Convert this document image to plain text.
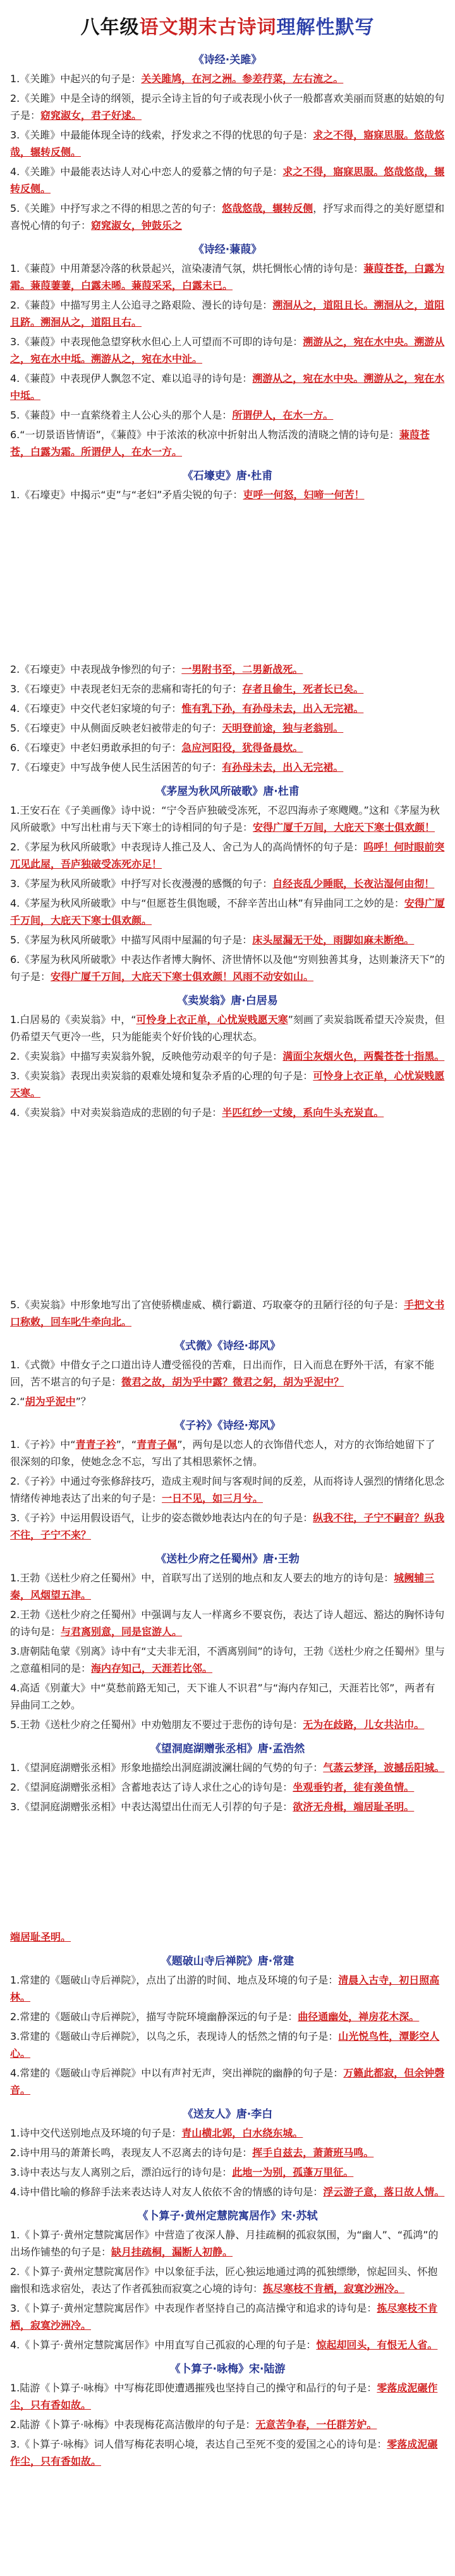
八年级语文期末古诗词理解性默写
《诗经·关雎》
1.《关雎》中起兴的句子是：关关雎鸠，在河之洲。参差荇菜，左右流之。
2.《关雎》中是全诗的纲领，提示全诗主旨的句子或表现小伙子一般都喜欢美丽而贤惠的姑娘的句子是：窈窕淑女，君子好逑。
3.《关雎》中最能体现全诗的线索，抒发求之不得的忧思的句子是：求之不得，寤寐思服。悠哉悠哉，辗转反侧。
4.《关雎》中最能表达诗人对心中恋人的爱慕之情的句子是：求之不得，寤寐思服。悠哉悠哉，辗转反侧。
5.《关雎》中抒写求之不得的相思之苦的句子：悠哉悠哉，辗转反侧，抒写求而得之的美好愿望和喜悦心情的句子：窈窕淑女，钟鼓乐之
《诗经·蒹葭》
1.《蒹葭》中用萧瑟冷落的秋景起兴，渲染凄清气氛，烘托惆怅心情的诗句是：蒹葭苍苍，白露为霜。蒹葭萋萋，白露未晞。蒹葭采采，白露未已。
2.《蒹葭》中描写男主人公追寻之路艰险、漫长的诗句是：溯洄从之，道阻且长。溯洄从之，道阻且跻。溯洄从之，道阻且右。
3.《蒹葭》中表现他急望穿秋水但心上人可望而不可即的诗句是：溯游从之，宛在水中央。溯游从之，宛在水中坻。溯游从之，宛在水中沚。
4.《蒹葭》中表现伊人飘忽不定、难以追寻的诗句是：溯游从之，宛在水中央。溯游从之，宛在水中坻。
5.《蒹葭》中一直萦绕着主人公心头的那个人是：所谓伊人，在水一方。
6.“一切景语皆情语”，《蒹葭》中于浓浓的秋凉中折射出人物活泼的清晓之情的诗句是：蒹葭苍苍，白露为霜。所谓伊人，在水一方。
《石壕吏》唐·杜甫
1.《石壕吏》中揭示“吏”与“老妇”矛盾尖锐的句子：吏呼一何怒，妇啼一何苦！
2.《石壕吏》中表现战争惨烈的句子：一男附书至，二男新战死。
3.《石壕吏》中表现老妇无奈的悲痛和寄托的句子：存者且偷生，死者长已矣。
4.《石壕吏》中交代老妇家境的句子：惟有乳下孙，有孙母未去，出入无完裙。
5.《石壕吏》中从侧面反映老妇被带走的句子：天明登前途，独与老翁别。
6.《石壕吏》中老妇勇敢承担的句子：急应河阳役，犹得备晨炊。
7.《石壕吏》中写战争使人民生活困苦的句子：有孙母未去，出入无完裙。
《茅屋为秋风所破歌》唐·杜甫
1.王安石在《子美画像》诗中说：“宁令吾庐独破受冻死，不忍四海赤子寒飕飕。”这和《茅屋为秋风所破歌》中写出杜甫与天下寒士的诗相同的句子是：安得广厦千万间，大庇天下寒士俱欢颜！
2.《茅屋为秋风所破歌》中表现诗人推己及人、舍己为人的高尚情怀的句子是：呜呼！何时眼前突兀见此屋，吾庐独破受冻死亦足！
3.《茅屋为秋风所破歌》中抒写对长夜漫漫的感慨的句子：自经丧乱少睡眠，长夜沾湿何由彻！
4.《茅屋为秋风所破歌》中与“但愿苍生俱饱暖，不辞辛苦出山林”有异曲同工之妙的是：安得广厦千万间，大庇天下寒士俱欢颜。
5.《茅屋为秋风所破歌》中描写风雨中屋漏的句子是：床头屋漏无干处，雨脚如麻未断绝。
6.《茅屋为秋风所破歌》中表达作者博大胸怀、济世情怀以及他“穷则独善其身，达则兼济天下”的句子是：安得广厦千万间，大庇天下寒士俱欢颜！风雨不动安如山。
《卖炭翁》唐·白居易
1.白居易的《卖炭翁》中，“可怜身上衣正单，心忧炭贱愿天寒”刻画了卖炭翁既希望天冷炭贵，但仍希望天气更冷一些，只为能能卖个好价钱的心理状态。
2.《卖炭翁》中描写卖炭翁外貌，反映他劳动艰辛的句子是：满面尘灰烟火色，两鬓苍苍十指黑。
3.《卖炭翁》表现出卖炭翁的艰难处境和复杂矛盾的心理的句子是：可怜身上衣正单，心忧炭贱愿天寒。
4.《卖炭翁》中对卖炭翁造成的悲剧的句子是：半匹红纱一丈绫，系向牛头充炭直。
5.《卖炭翁》中形象地写出了宫使骄横虚威、横行霸道、巧取豪夺的丑陋行径的句子是：手把文书口称敕，回车叱牛牵向北。
《式微》《诗经·邶风》
1.《式微》中借女子之口道出诗人遭受徭役的苦难，日出而作，日入而息在野外干活，有家不能回，苦不堪言的句子是：微君之故，胡为乎中露？微君之躬，胡为乎泥中？
2.“胡为乎泥中”？
《子衿》《诗经·郑风》
1.《子衿》中“青青子衿”，“青青子佩”，两句是以恋人的衣饰借代恋人，对方的衣饰给她留下了很深刻的印象，使她念念不忘，写出了其相思萦怀之情。
2.《子衿》中通过夸张修辞技巧，造成主观时间与客观时间的反差，从而将诗人强烈的情绪化思念情绪传神地表达了出来的句子是：一日不见，如三月兮。
3.《子衿》中运用假设语气，让步的姿态微妙地表达内在的句子是：纵我不往，子宁不嗣音？纵我不往，子宁不来？
《送杜少府之任蜀州》唐·王勃
1.王勃《送杜少府之任蜀州》中，首联写出了送别的地点和友人要去的地方的诗句是：城阙辅三秦，风烟望五津。
2.王勃《送杜少府之任蜀州》中强调与友人一样离乡不要哀伤，表达了诗人超远、豁达的胸怀诗句的诗句是：与君离别意，同是宦游人。
3.唐朝陆龟蒙《别离》诗中有“丈夫非无泪，不洒离别间”的诗句，王勃《送杜少府之任蜀州》里与之意蕴相同的是：海内存知己，天涯若比邻。
4.高适《别董大》中“莫愁前路无知己，天下谁人不识君”与“海内存知己，天涯若比邻”，两者有异曲同工之妙。
5.王勃《送杜少府之任蜀州》中劝勉朋友不要过于悲伤的诗句是：无为在歧路，儿女共沾巾。
《望洞庭湖赠张丞相》唐·孟浩然
1.《望洞庭湖赠张丞相》形象地描绘出洞庭湖波澜壮阔的气势的句子：气蒸云梦泽，波撼岳阳城。
2.《望洞庭湖赠张丞相》含蓄地表达了诗人求仕之心的诗句是：坐观垂钓者，徒有羡鱼情。
3.《望洞庭湖赠张丞相》中表达渴望出仕而无人引荐的句子是：欲济无舟楫，端居耻圣明。
端居耻圣明。
《题破山寺后禅院》唐·常建
1.常建的《题破山寺后禅院》，点出了出游的时间、地点及环境的句子是：清晨入古寺，初日照高林。
2.常建的《题破山寺后禅院》，描写寺院环境幽静深远的句子是：曲径通幽处，禅房花木深。
3.常建的《题破山寺后禅院》，以鸟之乐，表现诗人的恬然之情的句子是：山光悦鸟性，潭影空人心。
4.常建的《题破山寺后禅院》中以有声衬无声，突出禅院的幽静的句子是：万籁此都寂，但余钟磬音。
《送友人》唐·李白
1.诗中交代送别地点及环境的句子是：青山横北郭，白水绕东城。
2.诗中用马的萧萧长鸣，表现友人不忍离去的诗句是：挥手自兹去，萧萧班马鸣。
3.诗中表达与友人离别之后，漂泊远行的诗句是：此地一为别，孤蓬万里征。
4.诗中借比喻的修辞手法来表达诗人对友人依依不舍的情感的诗句是：浮云游子意，落日故人情。
《卜算子·黄州定慧院寓居作》宋·苏轼
1.《卜算子·黄州定慧院寓居作》中营造了夜深人静、月挂疏桐的孤寂氛围，为“幽人”、“孤鸿”的出场作铺垫的句子是：缺月挂疏桐，漏断人初静。
2.《卜算子·黄州定慧院寓居作》中以象征手法，匠心独运地通过鸿的孤独缥缈，惊起回头、怀抱幽恨和选求宿处，表达了作者孤独而寂寞之心境的诗句：拣尽寒枝不肯栖，寂寞沙洲冷。
3.《卜算子·黄州定慧院寓居作》中表现作者坚持自己的高洁操守和追求的诗句是：拣尽寒枝不肯栖，寂寞沙洲冷。
4.《卜算子·黄州定慧院寓居作》中用直写自己孤寂的心理的句子是：惊起却回头，有恨无人省。
《卜算子·咏梅》宋·陆游
1.陆游《卜算子·咏梅》中写梅花即使遭遇摧残也坚持自己的操守和品行的句子是：零落成泥碾作尘，只有香如故。
2.陆游《卜算子·咏梅》中表现梅花高洁傲岸的句子是：无意苦争春，一任群芳妒。
3.《卜算子·咏梅》词人借写梅花表明心境，表达自己至死不变的爱国之心的诗句是：零落成泥碾作尘，只有香如故。
